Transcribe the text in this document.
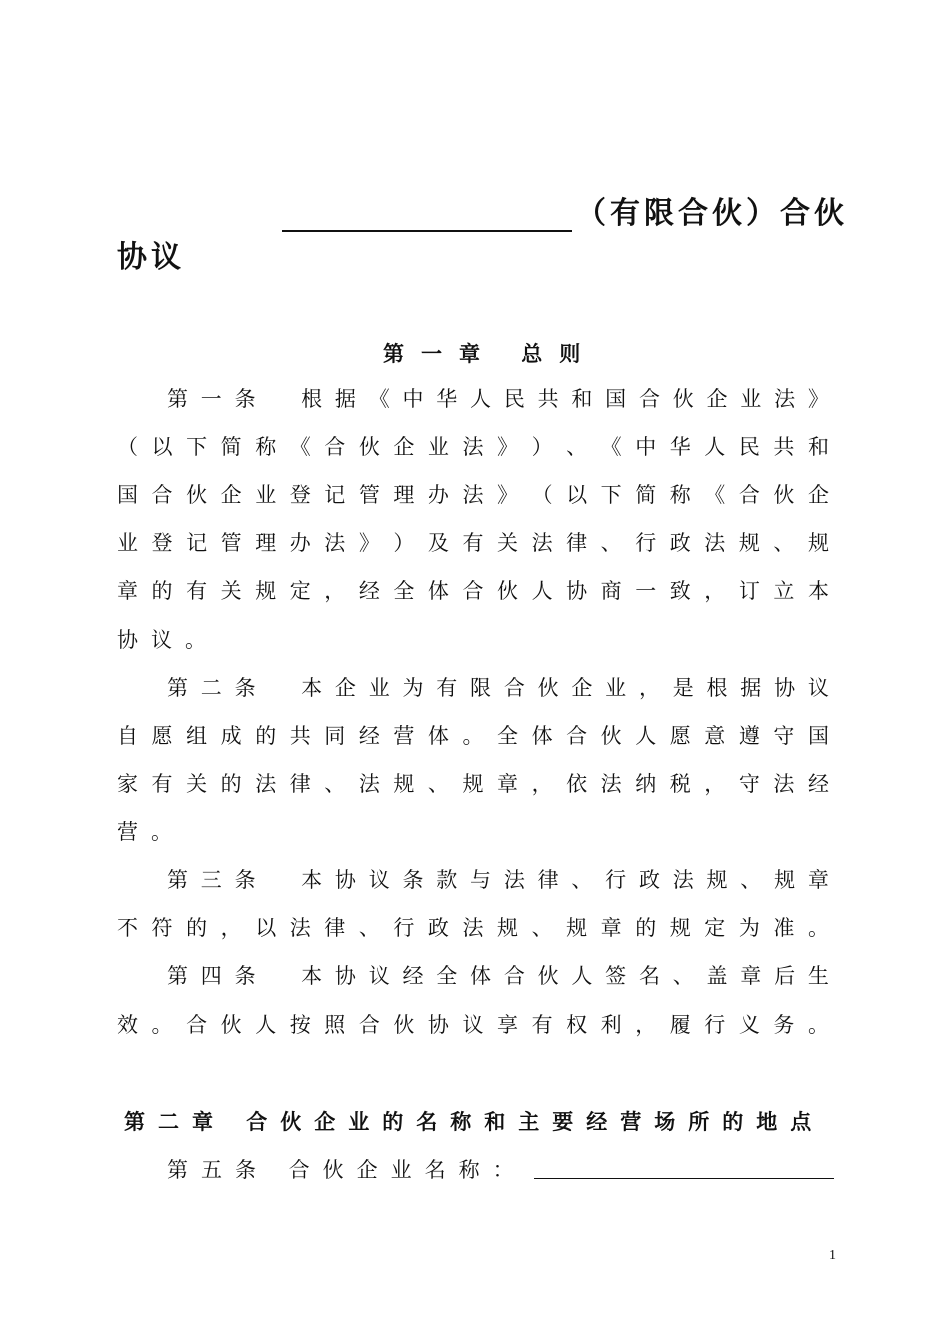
（有限合伙）合伙
协议
第一章 总则
第 一 条
根 据 《 中 华 人 民 共 和 国 合 伙 企 业 法 》
（ 以 下 简 称 《 合 伙 企 业 法 》 ） 、 《 中 华 人 民 共 和
国 合 伙 企 业 登 记 管 理 办 法 》 （ 以 下 简 称 《 合 伙 企
业 登 记 管 理 办 法 》 ） 及 有 关 法 律 、 行 政 法 规 、 规
章 的 有 关 规 定 ， 经 全 体 合 伙 人 协 商 一 致 ， 订 立 本
协 议 。
第 二 条
本 企 业 为 有 限 合 伙 企 业 ， 是 根 据 协 议
自 愿 组 成 的 共 同 经 营 体 。 全 体 合 伙 人 愿 意 遵 守 国
家 有 关 的 法 律 、 法 规 、 规 章 ， 依 法 纳 税 ， 守 法 经
营 。
第 三 条
本 协 议 条 款 与 法 律 、 行 政 法 规 、 规 章
不 符 的 ， 以 法 律 、 行 政 法 规 、 规 章 的 规 定 为 准 。
第 四 条
本 协 议 经 全 体 合 伙 人 签 名 、 盖 章 后 生
效 。 合 伙 人 按 照 合 伙 协 议 享 有 权 利 ， 履 行 义 务 。
第二章 合伙企业的名称和主要经营场所的地点
第五条 合伙企业名称：
1
